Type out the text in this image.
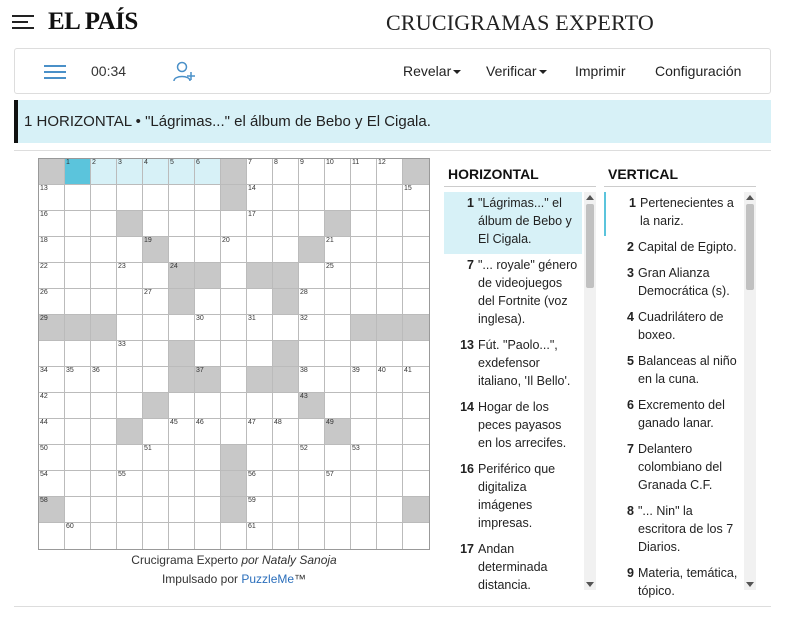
EL PAÍS	CRUCIGRAMAS EXPERTO
00:34	Revelar	Verificar	Imprimir Configuración
1 HORIZONTAL • "Lágrimas..." el álbum de Bebo y El Cigala.
1	2	3	4	5	6	7	8	9	10	11	12
13	14	15
16	17
18	19	20	21
22	23	24	25
26	27	28
29	30	31	32
33
34	35	36	37	38	39	40	41
42	43
44	45	46	47	48	49
50	51	52	53
54	55	56	57
58	59
60	61
Crucigrama Experto por Nataly Sanoja
Impulsado por PuzzleMe™
HORIZONTAL
1 "Lágrimas..." el álbum de Bebo y El Cigala.
7 "... royale" género de videojuegos del Fortnite (voz inglesa).
13 Fút. "Paolo...", exdefensor italiano, 'Il Bello'.
14 Hogar de los peces payasos en los arrecifes.
16 Periférico que digitaliza imágenes impresas.
17 Andan determinada distancia.
VERTICAL
1 Pertenecientes a la nariz.
2 Capital de Egipto.
3 Gran Alianza Democrática (s).
4 Cuadrilátero de boxeo.
5 Balanceas al niño en la cuna.
6 Excremento del ganado lanar.
7 Delantero colombiano del Granada C.F.
8 "... Nin" la escritora de los 7 Diarios.
9 Materia, temática, tópico.
